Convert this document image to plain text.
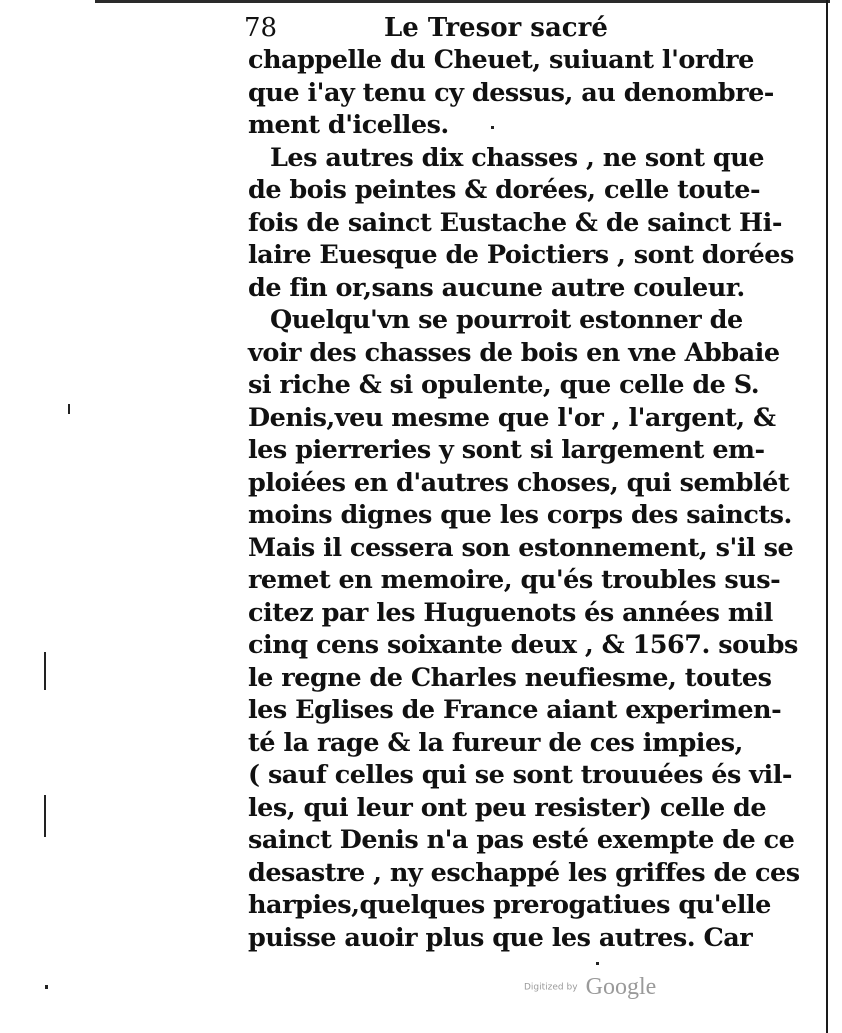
78	Le Tresor sacré
chappelle du Cheuet, suiuant l'ordre
que i'ay tenu cy dessus, au denombre-
ment d'icelles.
Les autres dix chasses , ne sont que
de bois peintes & dorées, celle toute-
fois de sainct Eustache & de sainct Hi-
laire Euesque de Poictiers , sont dorées
de fin or,sans aucune autre couleur.
Quelqu'vn se pourroit estonner de
voir des chasses de bois en vne Abbaie
si riche & si opulente, que celle de S.
Denis,veu mesme que l'or , l'argent, &
les pierreries y sont si largement em-
ploiées en d'autres choses, qui semblét
moins dignes que les corps des saincts.
Mais il cessera son estonnement, s'il se
remet en memoire, qu'és troubles sus-
citez par les Huguenots és années mil
cinq cens soixante deux , & 1567. soubs
le regne de Charles neufiesme, toutes
les Eglises de France aiant experimen-
té la rage & la fureur de ces impies,
( sauf celles qui se sont trouuées és vil-
les, qui leur ont peu resister) celle de
sainct Denis n'a pas esté exempte de ce
desastre , ny eschappé les griffes de ces
harpies,quelques prerogatiues qu'elle
puisse auoir plus que les autres. Car
Digitized by Google
